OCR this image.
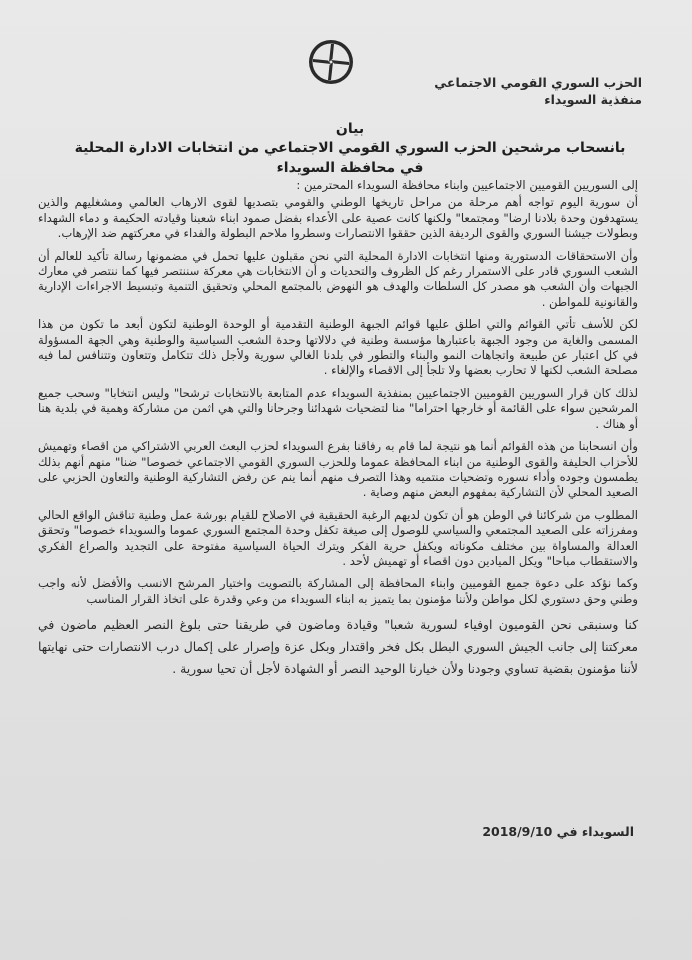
الحزب السوري القومي الاجتماعي
منفذية السويداء
بيان
بانسحاب مرشحين الحزب السوري القومي الاجتماعي من انتخابات الادارة المحلية
في محافظة السويداء

إلى السوريين القوميين الاجتماعيين وابناء محافظة السويداء المحترمين :

أن سورية اليوم تواجه أهم مرحلة من مراحل تاريخها الوطني والقومي بتصديها لقوى الارهاب العالمي ومشغليهم والذين يستهدفون وحدة بلادنا ارضا" ومجتمعا" ولكنها كانت عصية على الأعداء بفضل صمود ابناء شعبنا وقيادته الحكيمة و دماء الشهداء وبطولات جيشنا السوري والقوى الرديفة الذين حققوا الانتصارات وسطروا ملاحم البطولة والفداء في معركتهم ضد الإرهاب.

وأن الاستحقاقات الدستورية ومنها انتخابات الادارة المحلية التي نحن مقبلون عليها تحمل في مضمونها رسالة تأكيد للعالم أن الشعب السوري قادر على الاستمرار رغم كل الظروف والتحديات و أن الانتخابات هي معركة سننتصر فيها كما ننتصر في معارك الجبهات وأن الشعب هو مصدر كل السلطات والهدف هو النهوض بالمجتمع المحلي وتحقيق التنمية وتبسيط الاجراءات الإدارية والقانونية للمواطن .

لكن للأسف تأتي القوائم والتي اطلق عليها قوائم الجبهة الوطنية التقدمية أو الوحدة الوطنية لتكون أبعد ما تكون من هذا المسمى والغاية من وجود الجبهة باعتبارها مؤسسة وطنية في دلالاتها وحدة الشعب السياسية والوطنية وهي الجهة المسؤولة في كل اعتبار عن طبيعة واتجاهات النمو والبناء والتطور في بلدنا الغالي سورية ولأجل ذلك تتكامل وتتعاون وتتنافس لما فيه مصلحة الشعب لكنها لا تحارب بعضها ولا تلجأ إلى الاقصاء والإلغاء .

لذلك كان قرار السوريين القوميين الاجتماعيين بمنفذية السويداء عدم المتابعة بالانتخابات ترشحا" وليس انتخابا" وسحب جميع المرشحين سواء على القائمة أو خارجها احتراما" منا لتضحيات شهدائنا وجرحانا والتي هي اثمن من مشاركة وهمية في بلدية هنا أو هناك .

وأن انسحابنا من هذه القوائم أنما هو نتيجة لما قام به رفاقنا بفرع السويداء لحزب البعث العربي الاشتراكي من اقصاء وتهميش للأحزاب الحليفة والقوى الوطنية من ابناء المحافظة عموما وللحزب السوري القومي الاجتماعي خصوصا" ضنا" منهم أنهم بذلك يطمسون وجوده وأداء نسوره وتضحيات منتميه وهذا التصرف منهم أنما ينم عن رفض التشاركية الوطنية والتعاون الحزبي على الصعيد المحلي لأن التشاركية بمفهوم البعض منهم وصاية .

المطلوب من شركائنا في الوطن هو أن تكون لديهم الرغبة الحقيقية في الاصلاح للقيام بورشة عمل وطنية تناقش الواقع الحالي ومفرزاته على الصعيد المجتمعي والسياسي للوصول إلى صيغة تكفل وحدة المجتمع السوري عموما والسويداء خصوصا" وتحقق العدالة والمساواة بين مختلف مكوناته ويكفل حرية الفكر ويترك الحياة السياسية مفتوحة على التجديد والصراع الفكري والاستقطاب مباحا" ويكل الميادين دون اقصاء أو تهميش لأحد .

وكما نؤكد على دعوة جميع القوميين وابناء المحافظة إلى المشاركة بالتصويت واختيار المرشح الانسب والأفضل لأنه واجب وطني وحق دستوري لكل مواطن ولأننا مؤمنون بما يتميز به ابناء السويداء من وعي وقدرة على اتخاذ القرار المناسب

كنا وسنبقى نحن القوميون اوفياء لسورية شعبا" وقيادة وماضون في طريقنا حتى بلوغ النصر العظيم ماضون في معركتنا إلى جانب الجيش السوري البطل بكل فخر واقتدار وبكل عزة وإصرار على إكمال درب الانتصارات حتى نهايتها لأننا مؤمنون بقضية تساوي وجودنا ولأن خيارنا الوحيد النصر أو الشهادة لأجل أن تحيا سورية .

السويداء في 2018/9/10
